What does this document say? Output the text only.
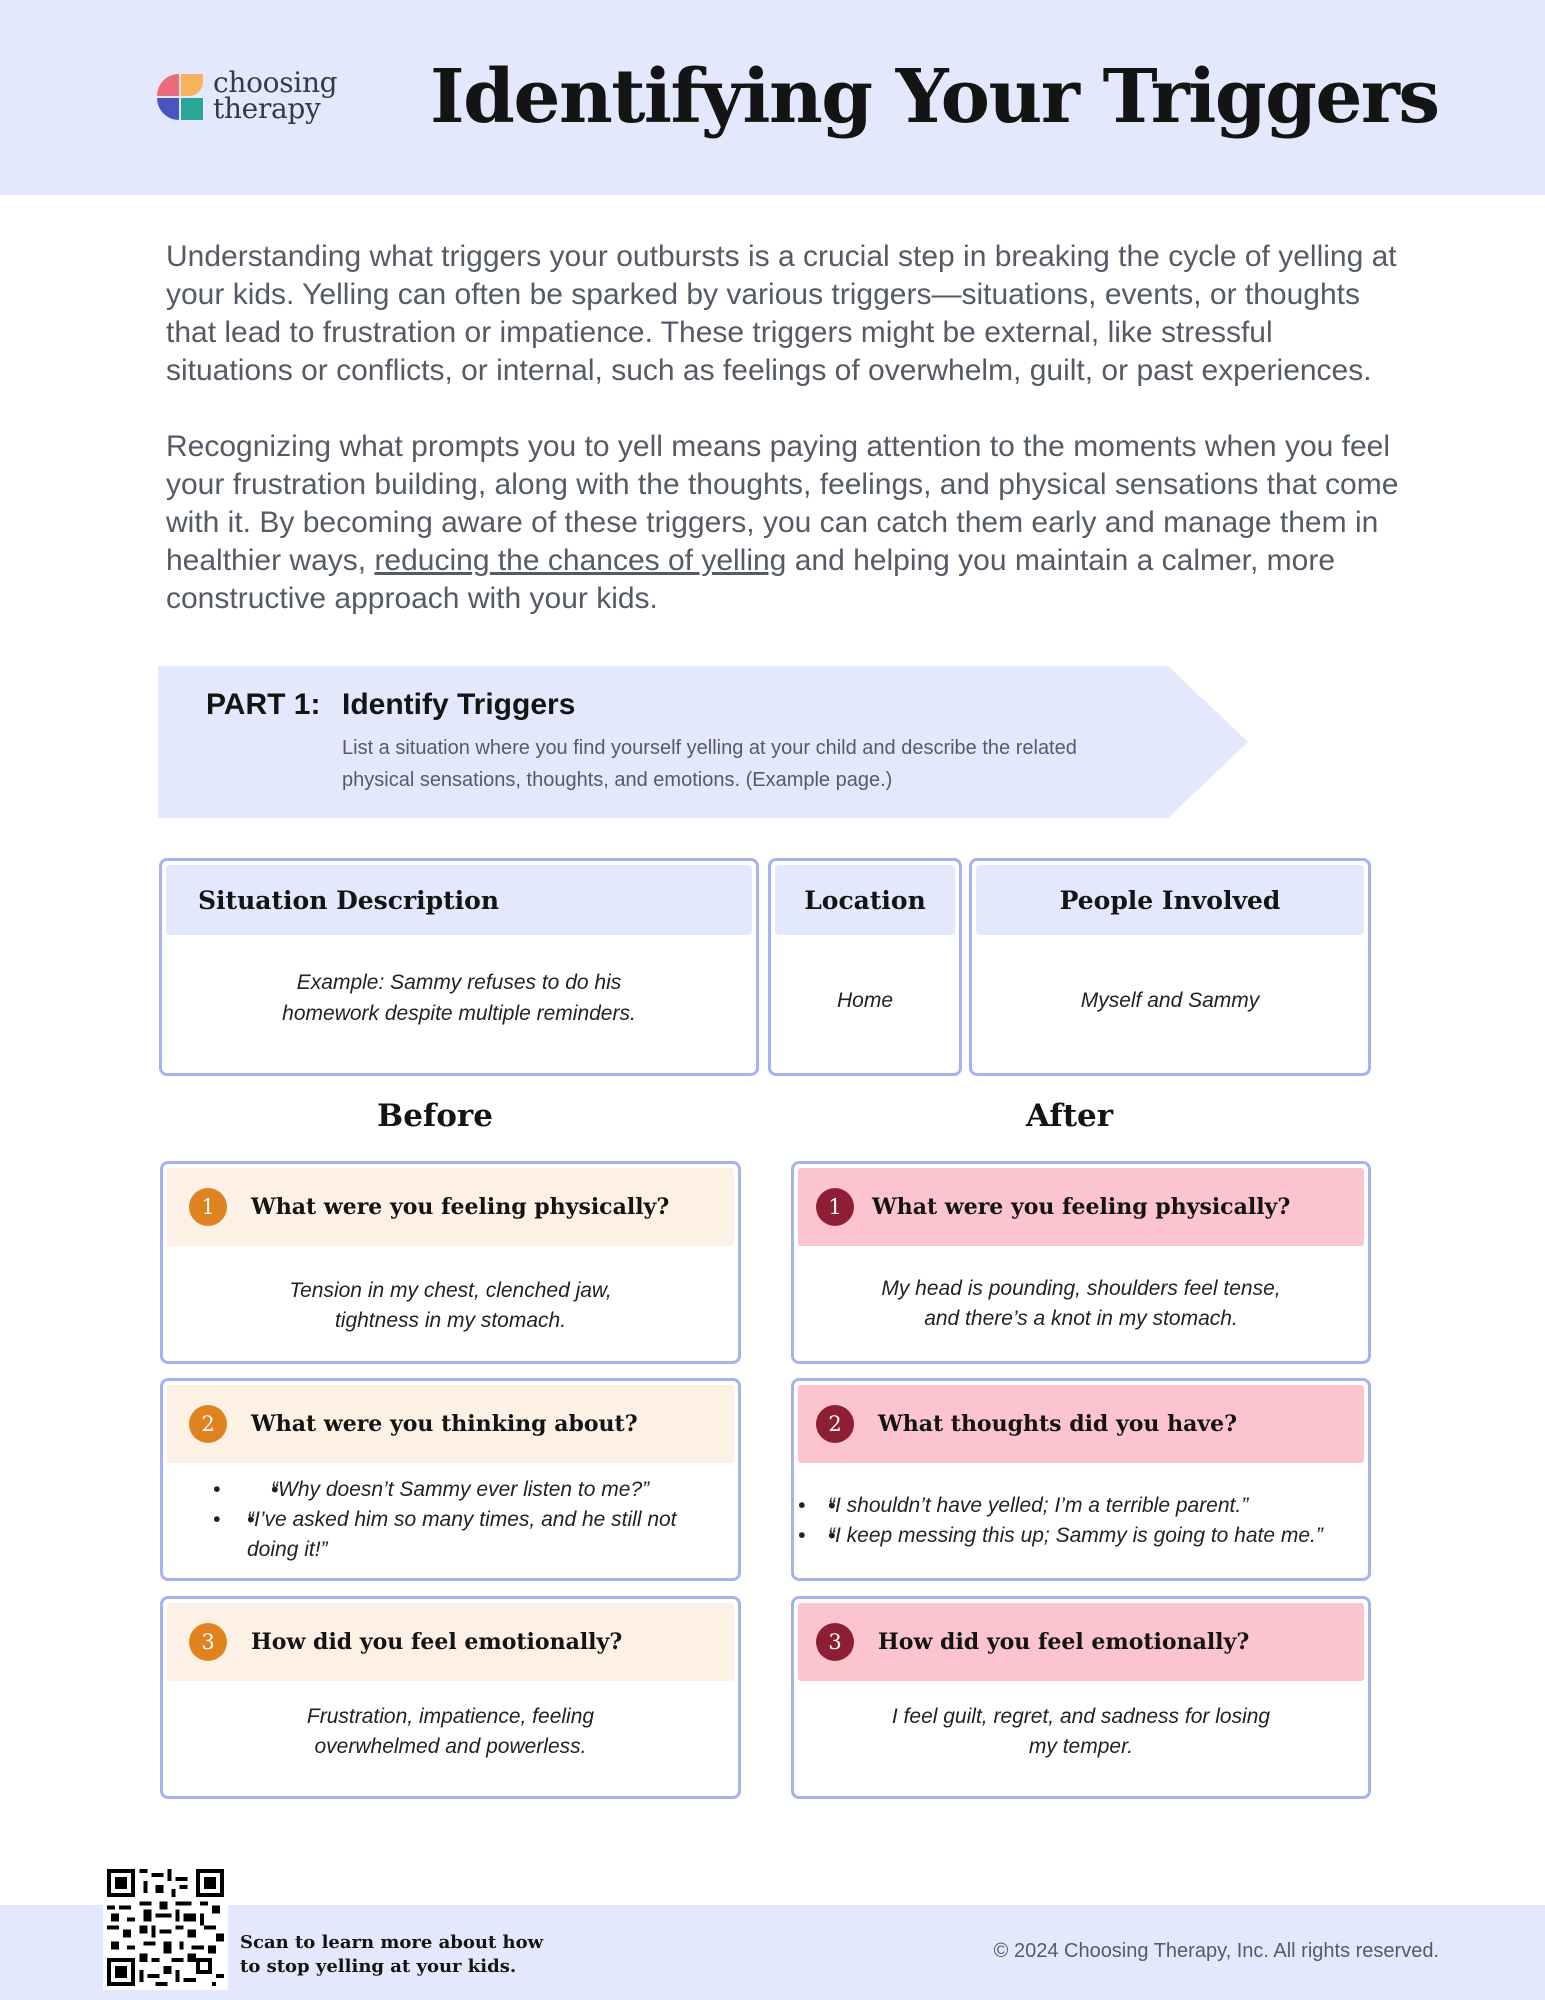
choosing
therapy Identifying Your Triggers

Understanding what triggers your outbursts is a crucial step in breaking the cycle of yelling at your kids. Yelling can often be sparked by various triggers—situations, events, or thoughts that lead to frustration or impatience. These triggers might be external, like stressful situations or conflicts, or internal, such as feelings of overwhelm, guilt, or past experiences.

Recognizing what prompts you to yell means paying attention to the moments when you feel your frustration building, along with the thoughts, feelings, and physical sensations that come with it. By becoming aware of these triggers, you can catch them early and manage them in healthier ways, reducing the chances of yelling and helping you maintain a calmer, more constructive approach with your kids.

PART 1: Identify Triggers
List a situation where you find yourself yelling at your child and describe the related physical sensations, thoughts, and emotions. (Example page.)
Situation Description
Example: Sammy refuses to do his homework despite multiple reminders.
Location
Home
People Involved
Myself and Sammy
Before	After
1	What were you feeling physically?
Tension in my chest, clenched jaw, tightness in my stomach.
2	What were you thinking about?
• • “Why doesn’t Sammy ever listen to me?”
• • “I’ve asked him so many times, and he still not doing it!”
3	How did you feel emotionally?
Frustration, impatience, feeling overwhelmed and powerless.
1	What were you feeling physically?
My head is pounding, shoulders feel tense, and there’s a knot in my stomach.
2	What thoughts did you have?
• • “I shouldn’t have yelled; I’m a terrible parent.”
• • “I keep messing this up; Sammy is going to hate me.”
3	How did you feel emotionally?
I feel guilt, regret, and sadness for losing my temper.
Scan to learn more about how
to stop yelling at your kids.
© 2024 Choosing Therapy, Inc. All rights reserved.
